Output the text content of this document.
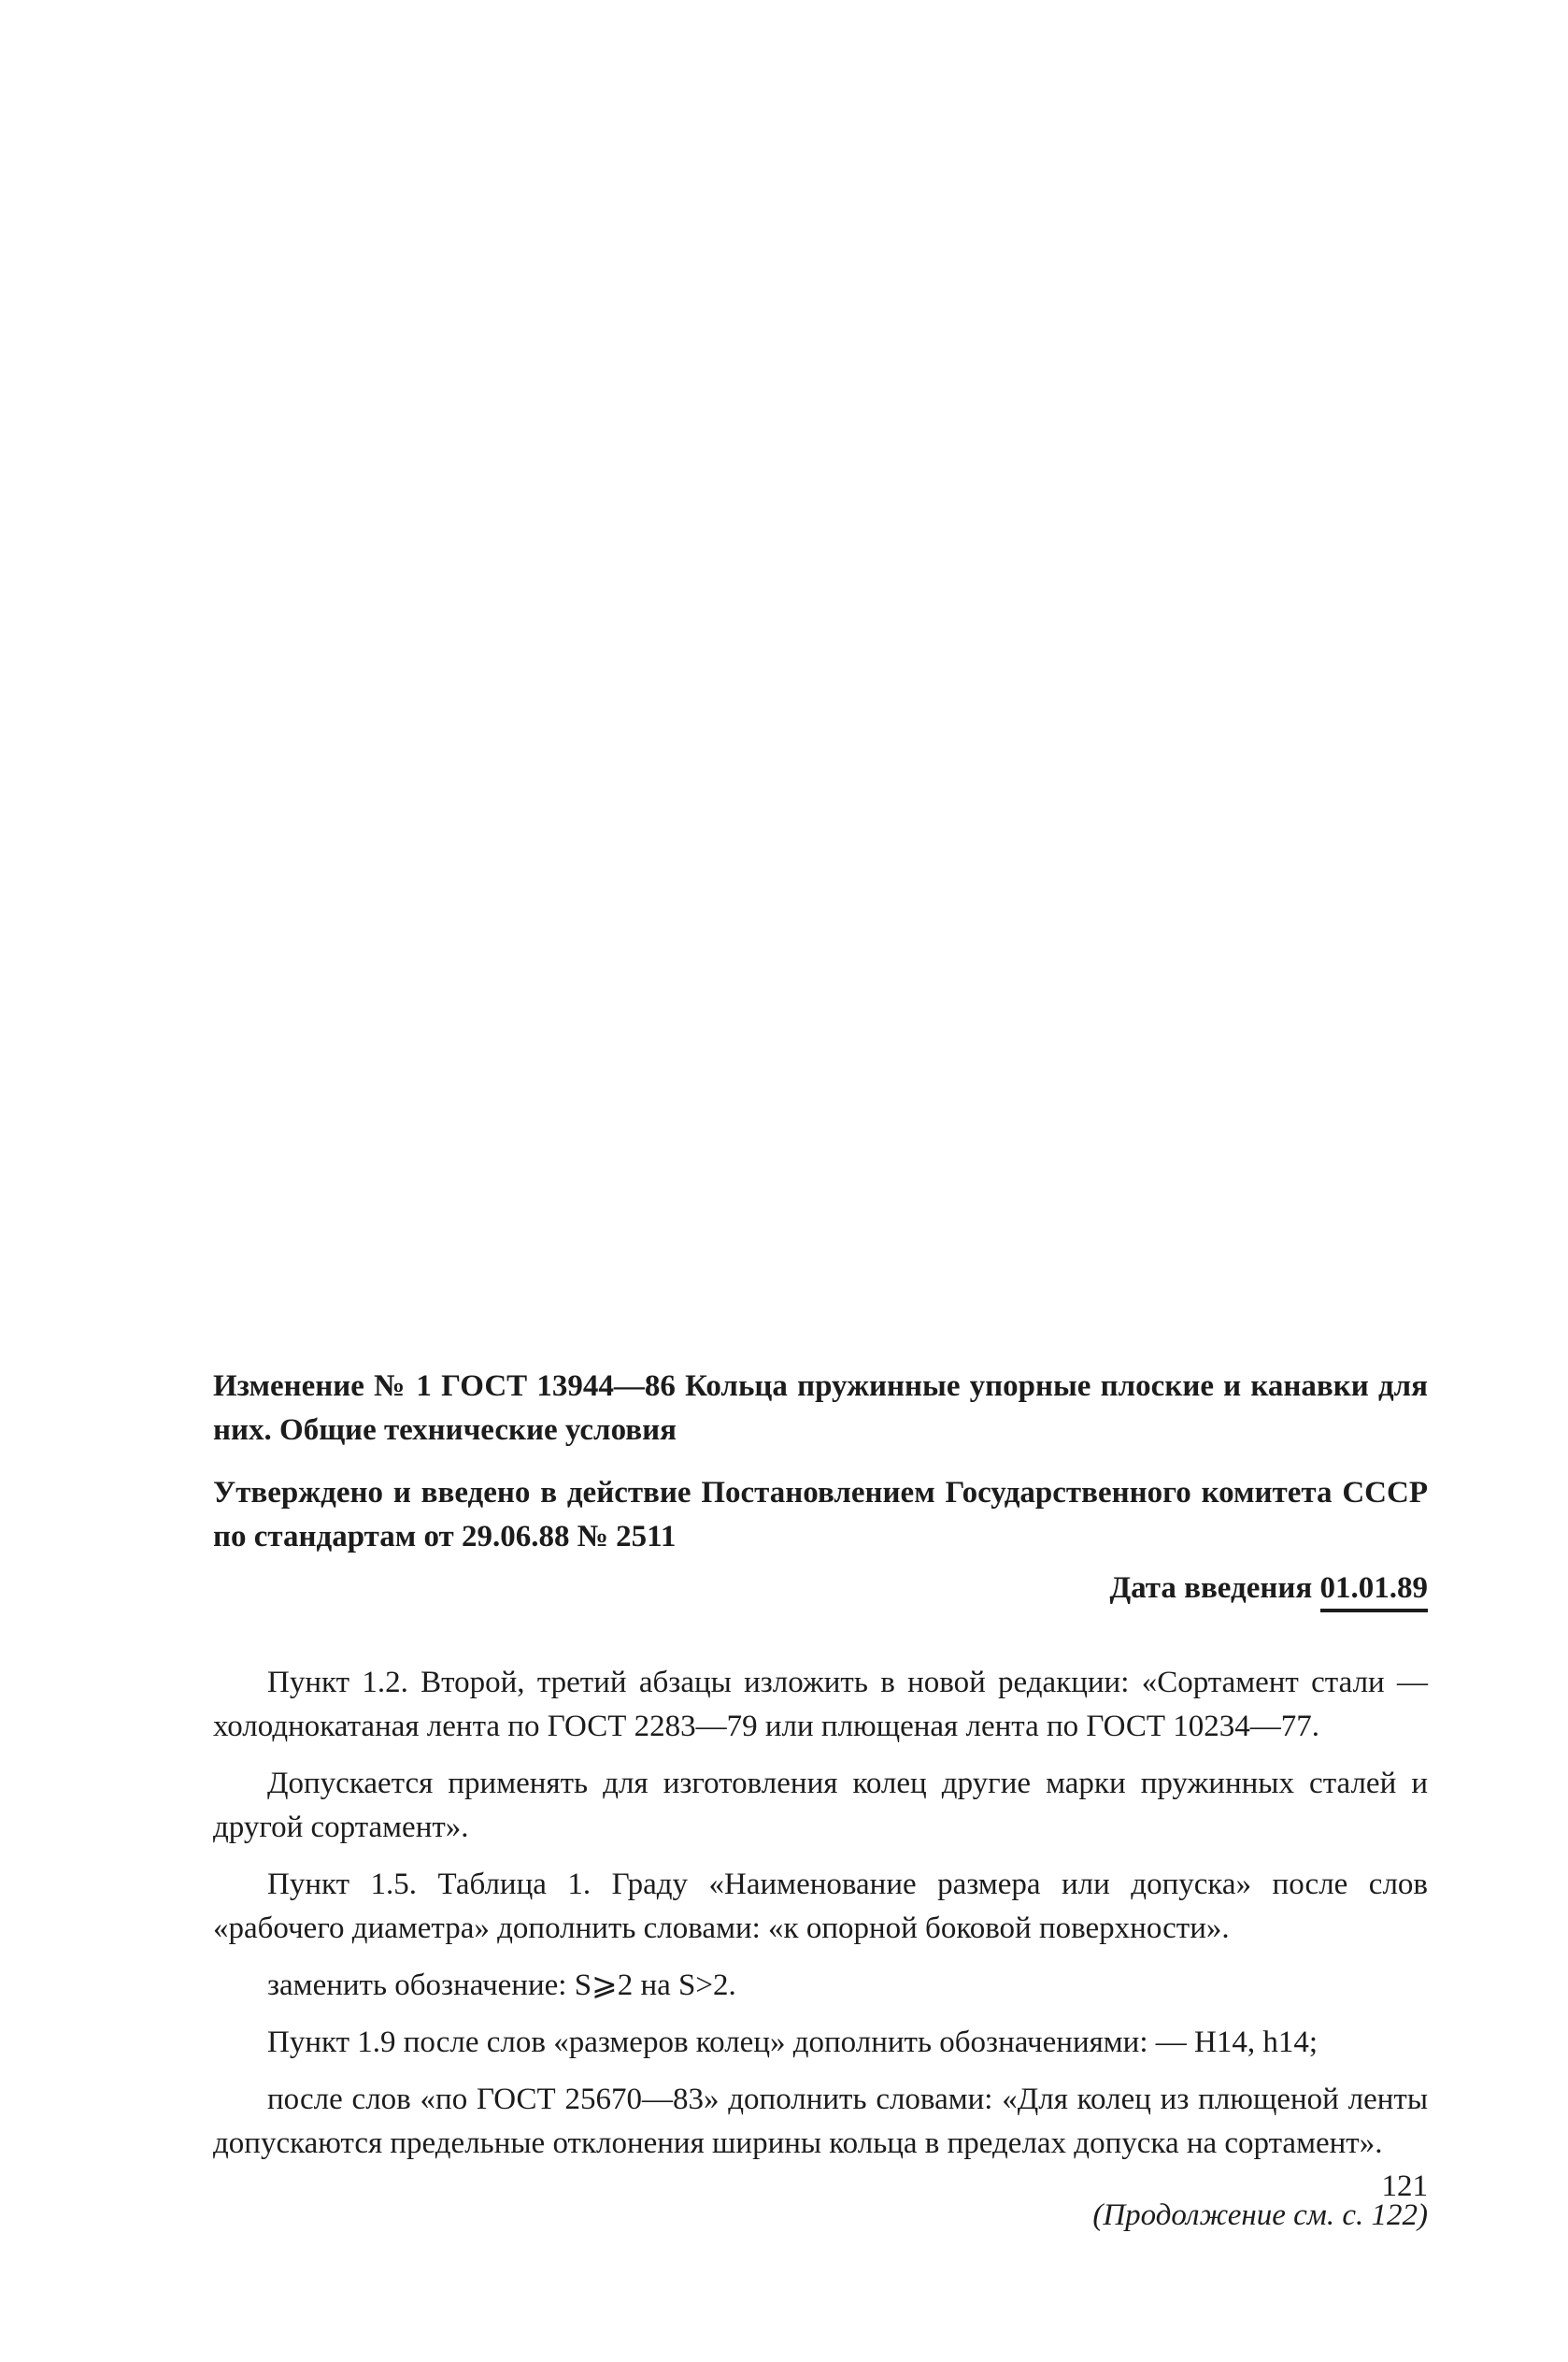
Изменение № 1 ГОСТ 13944—86 Кольца пружинные упорные плоские и канавки для них. Общие технические условия

Утверждено и введено в действие Постановлением Государственного комитета СССР по стандартам от 29.06.88 № 2511

Дата введения 01.01.89

Пункт 1.2. Второй, третий абзацы изложить в новой редакции: «Сортамент стали — холоднокатаная лента по ГОСТ 2283—79 или плющеная лента по ГОСТ 10234—77.

Допускается применять для изготовления колец другие марки пружинных сталей и другой сортамент».

Пункт 1.5. Таблица 1. Граду «Наименование размера или допуска» после слов «рабочего диаметра» дополнить словами: «к опорной боковой поверхности».

заменить обозначение: S⩾2 на S>2.

Пункт 1.9 после слов «размеров колец» дополнить обозначениями: — H14, h14;

после слов «по ГОСТ 25670—83» дополнить словами: «Для колец из плющеной ленты допускаются предельные отклонения ширины кольца в пределах допуска на сортамент».

(Продолжение см. с. 122)

121
